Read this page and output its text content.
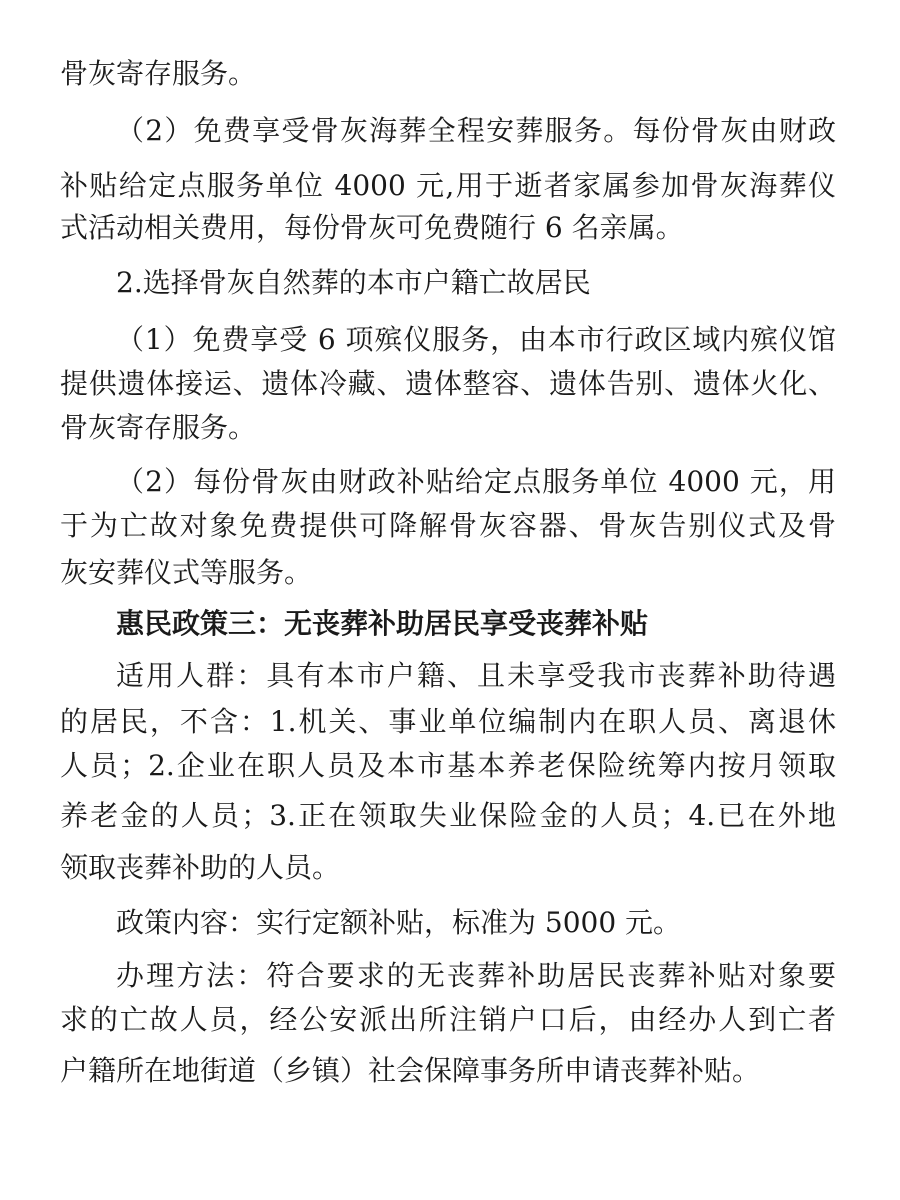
骨灰寄存服务。
（2）免费享受骨灰海葬全程安葬服务。每份骨灰由财政
补贴给定点服务单位 4000 元,用于逝者家属参加骨灰海葬仪
式活动相关费用，每份骨灰可免费随行 6 名亲属。
2.选择骨灰自然葬的本市户籍亡故居民
（1）免费享受 6 项殡仪服务，由本市行政区域内殡仪馆
提供遗体接运、遗体冷藏、遗体整容、遗体告别、遗体火化、
骨灰寄存服务。
（2）每份骨灰由财政补贴给定点服务单位 4000 元，用
于为亡故对象免费提供可降解骨灰容器、骨灰告别仪式及骨
灰安葬仪式等服务。
惠民政策三：无丧葬补助居民享受丧葬补贴
适用人群：具有本市户籍、且未享受我市丧葬补助待遇
的居民，不含：1.机关、事业单位编制内在职人员、离退休
人员；2.企业在职人员及本市基本养老保险统筹内按月领取
养老金的人员；3.正在领取失业保险金的人员；4.已在外地
领取丧葬补助的人员。
政策内容：实行定额补贴，标准为 5000 元。
办理方法：符合要求的无丧葬补助居民丧葬补贴对象要
求的亡故人员，经公安派出所注销户口后，由经办人到亡者
户籍所在地街道（乡镇）社会保障事务所申请丧葬补贴。
